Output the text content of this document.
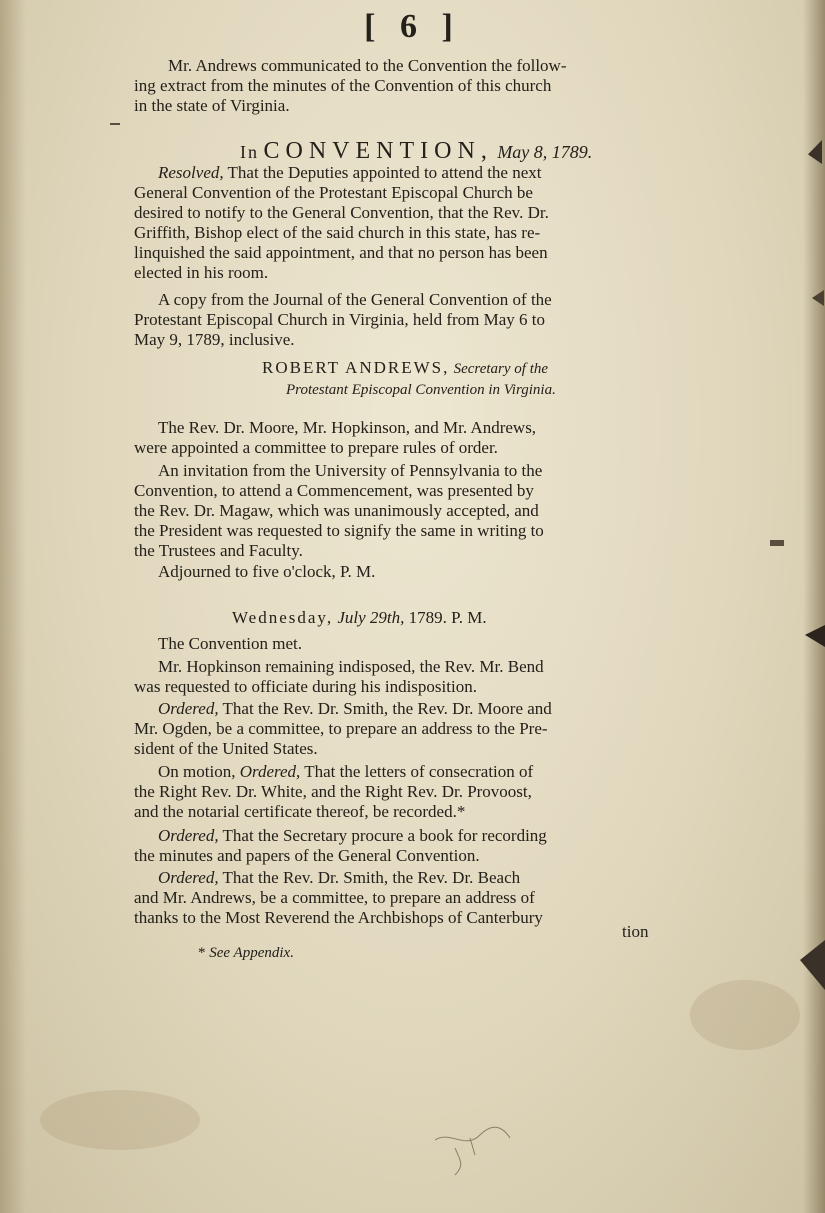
[ 6 ]
Mr. Andrews communicated to the Convention the follow-
ing extract from the minutes of the Convention of this church
in the state of Virginia.
In CONVENTION, May 8, 1789.
Resolved, That the Deputies appointed to attend the next
General Convention of the Protestant Episcopal Church be
desired to notify to the General Convention, that the Rev. Dr.
Griffith, Bishop elect of the said church in this state, has re-
linquished the said appointment, and that no person has been
elected in his room.
A copy from the Journal of the General Convention of the
Protestant Episcopal Church in Virginia, held from May 6 to
May 9, 1789, inclusive.
ROBERT ANDREWS, Secretary of the
Protestant Episcopal Convention in Virginia.
The Rev. Dr. Moore, Mr. Hopkinson, and Mr. Andrews,
were appointed a committee to prepare rules of order.
An invitation from the University of Pennsylvania to the
Convention, to attend a Commencement, was presented by
the Rev. Dr. Magaw, which was unanimously accepted, and
the President was requested to signify the same in writing to
the Trustees and Faculty.
Adjourned to five o'clock, P. M.
Wednesday, July 29th, 1789. P. M.
The Convention met.
Mr. Hopkinson remaining indisposed, the Rev. Mr. Bend
was requested to officiate during his indisposition.
Ordered, That the Rev. Dr. Smith, the Rev. Dr. Moore and
Mr. Ogden, be a committee, to prepare an address to the Pre-
sident of the United States.
On motion, Ordered, That the letters of consecration of
the Right Rev. Dr. White, and the Right Rev. Dr. Provoost,
and the notarial certificate thereof, be recorded.*
Ordered, That the Secretary procure a book for recording
the minutes and papers of the General Convention.
Ordered, That the Rev. Dr. Smith, the Rev. Dr. Beach
and Mr. Andrews, be a committee, to prepare an address of
thanks to the Most Reverend the Archbishops of Canterbury
tion
* See Appendix.
